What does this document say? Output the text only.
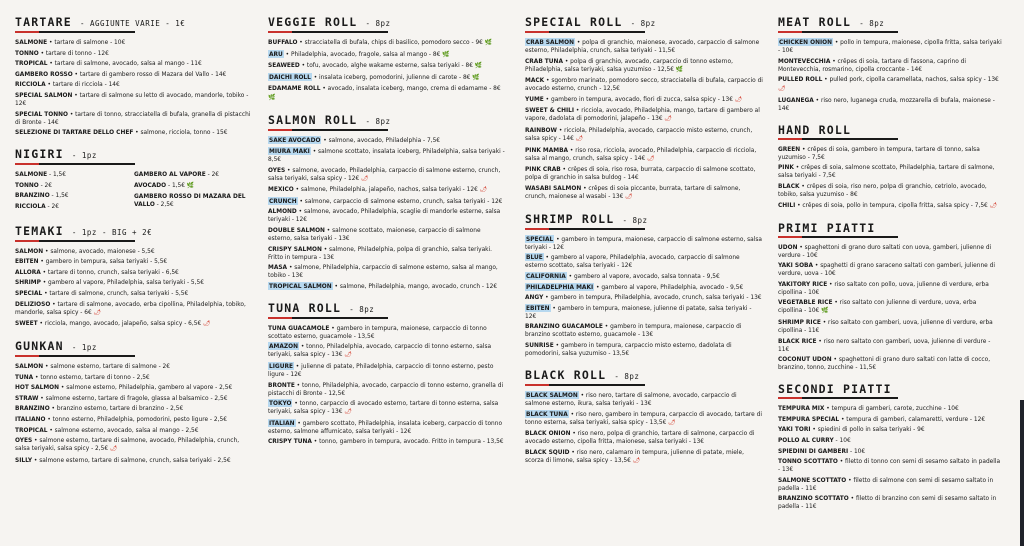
TARTARE - AGGIUNTE VARIE - 1€
SALMONE • tartare di salmone - 10€
TONNO • tartare di tonno - 12€
TROPICAL • tartare di salmone, avocado, salsa al mango - 11€
GAMBERO ROSSO • tartare di gambero rosso di Mazara del Vallo - 14€
RICCIOLA • tartare di ricciola - 14€
SPECIAL SALMON • tartare di salmone su letto di avocado, mandorle, tobiko - 12€
SPECIAL TONNO • tartare di tonno, stracciatella di bufala, granella di pistacchi di Bronte - 14€
SELEZIONE DI TARTARE DELLO CHEF • salmone, ricciola, tonno - 15€
NIGIRI - 1pz
SALMONE - 1,5€
TONNO - 2€
BRANZINO - 1,5€
RICCIOLA - 2€
GAMBERO AL VAPORE - 2€
AVOCADO - 1,5€ 🌿
GAMBERO ROSSO DI MAZARA DEL VALLO - 2,5€
TEMAKI - 1pz - BIG + 2€
SALMON • salmone, avocado, maionese - 5,5€
EBITEN • gambero in tempura, salsa teriyaki - 5,5€
ALLORA • tartare di tonno, crunch, salsa teriyaki - 6,5€
SHRIMP • gambero al vapore, Philadelphia, salsa teriyaki - 5,5€
SPECIAL • tartare di salmone, crunch, salsa teriyaki - 5,5€
DELIZIOSO • tartare di salmone, avocado, erba cipollina, Philadelphia, tobiko, mandorle, salsa spicy - 6€ 🌶
SWEET • ricciola, mango, avocado, jalapeño, salsa spicy - 6,5€ 🌶
GUNKAN - 1pz
SALMON • salmone esterno, tartare di salmone - 2€
TUNA • tonno esterno, tartare di tonno - 2,5€
HOT SALMON • salmone esterno, Philadelphia, gambero al vapore - 2,5€
STRAW • salmone esterno, tartare di fragole, glassa al balsamico - 2,5€
BRANZINO • branzino esterno, tartare di branzino - 2,5€
ITALIANO • tonno esterno, Philadelphia, pomodorini, pesto ligure - 2,5€
TROPICAL • salmone esterno, avocado, salsa al mango - 2,5€
OYES • salmone esterno, tartare di salmone, avocado, Philadelphia, crunch, salsa teriyaki, salsa spicy - 2,5€ 🌶
SILLY • salmone esterno, tartare di salmone, crunch, salsa teriyaki - 2,5€
VEGGIE ROLL - 8pz
BUFFALO • stracciatella di bufala, chips di basilico, pomodoro secco - 9€ 🌿
ARU • Philadelphia, avocado, fragole, salsa al mango - 8€ 🌿
SEAWEED • tofu, avocado, alghe wakame esterne, salsa teriyaki - 8€ 🌿
DAICHI ROLL • insalata iceberg, pomodorini, julienne di carote - 8€ 🌿
EDAMAME ROLL • avocado, insalata iceberg, mango, crema di edamame - 8€ 🌿
SALMON ROLL - 8pz
SAKE AVOCADO • salmone, avocado, Philadelphia - 7,5€
MIURA MAKI • salmone scottato, insalata iceberg, Philadelphia, salsa teriyaki - 8,5€
OYES • salmone, avocado, Philadelphia, carpaccio di salmone esterno, crunch, salsa teriyaki, salsa spicy - 12€ 🌶
MEXICO • salmone, Philadelphia, jalapeño, nachos, salsa teriyaki - 12€ 🌶
CRUNCH • salmone, carpaccio di salmone esterno, crunch, salsa teriyaki - 12€
ALMOND • salmone, avocado, Philadelphia, scaglie di mandorle esterne, salsa teriyaki - 12€
DOUBLE SALMON • salmone scottato, maionese, carpaccio di salmone esterno, salsa teriyaki - 13€
CRISPY SALMON • salmone, Philadelphia, polpa di granchio, salsa teriyaki. Fritto in tempura - 13€
MASA • salmone, Philadelphia, carpaccio di salmone esterno, salsa al mango, tobiko - 13€
TROPICAL SALMON • salmone, Philadelphia, mango, avocado, crunch - 12€
TUNA ROLL - 8pz
TUNA GUACAMOLE • gambero in tempura, maionese, carpaccio di tonno scottato esterno, guacamole - 13,5€
AMAZON • tonno, Philadelphia, avocado, carpaccio di tonno esterno, salsa teriyaki, salsa spicy - 13€ 🌶
LIGURE • julienne di patate, Philadelphia, carpaccio di tonno esterno, pesto ligure - 12€
BRONTE • tonno, Philadelphia, avocado, carpaccio di tonno esterno, granella di pistacchi di Bronte - 12,5€
TOKYO • tonno, carpaccio di avocado esterno, tartare di tonno esterna, salsa teriyaki, salsa spicy - 13€ 🌶
ITALIAN • gambero scottato, Philadelphia, insalata iceberg, carpaccio di tonno esterno, salmone affumicato, salsa teriyaki - 12€
CRISPY TUNA • tonno, gambero in tempura, avocado. Fritto in tempura - 13,5€
SPECIAL ROLL - 8pz
CRAB SALMON • polpa di granchio, maionese, avocado, carpaccio di salmone esterno, Philadelphia, crunch, salsa teriyaki - 11,5€
CRAB TUNA • polpa di granchio, avocado, carpaccio di tonno esterno, Philadelphia, salsa teriyaki, salsa yuzumiso - 12,5€ 🌿
MACK • sgombro marinato, pomodoro secco, stracciatella di bufala, carpaccio di avocado esterno, crunch - 12,5€
YUME • gambero in tempura, avocado, fiori di zucca, salsa spicy - 13€ 🌶
SWEET & CHILI • ricciola, avocado, Philadelphia, mango, tartare di gambero al vapore, dadolata di pomodorini, jalapeño - 13€ 🌶
RAINBOW • ricciola, Philadelphia, avocado, carpaccio misto esterno, crunch, salsa spicy - 14€ 🌶
PINK MAMBA • riso rosa, ricciola, avocado, Philadelphia, carpaccio di ricciola, salsa al mango, crunch, salsa spicy - 14€ 🌶
PINK CRAB • crêpes di soia, riso rosa, burrata, carpaccio di salmone scottato, polpa di granchio in salsa buldog - 14€
WASABI SALMON • crêpes di soia piccante, burrata, tartare di salmone, crunch, maionese al wasabi - 13€ 🌶
SHRIMP ROLL - 8pz
SPECIAL • gambero in tempura, maionese, carpaccio di salmone esterno, salsa teriyaki - 12€
BLUE • gambero al vapore, Philadelphia, avocado, carpaccio di salmone esterno scottato, salsa teriyaki - 12€
CALIFORNIA • gambero al vapore, avocado, salsa tonnata - 9,5€
PHILADELPHIA MAKI • gambero al vapore, Philadelphia, avocado - 9,5€
ANGY • gambero in tempura, Philadelphia, avocado, crunch, salsa teriyaki - 13€
EBITEN • gambero in tempura, maionese, julienne di patate, salsa teriyaki - 12€
BRANZINO GUACAMOLE • gambero in tempura, maionese, carpaccio di branzino scottato esterno, guacamole - 13€
SUNRISE • gambero in tempura, carpaccio misto esterno, dadolata di pomodorini, salsa yuzumiso - 13,5€
BLACK ROLL - 8pz
BLACK SALMON • riso nero, tartare di salmone, avocado, carpaccio di salmone esterno, ikura, salsa teriyaki - 13€
BLACK TUNA • riso nero, gambero in tempura, carpaccio di avocado, tartare di tonno esterna, salsa teriyaki, salsa spicy - 13,5€ 🌶
BLACK ONION • riso nero, polpa di granchio, tartare di salmone, carpaccio di avocado esterno, cipolla fritta, maionese, salsa teriyaki - 13€
BLACK SQUID • riso nero, calamaro in tempura, julienne di patate, miele, scorza di limone, salsa spicy - 13,5€ 🌶
MEAT ROLL - 8pz
CHICKEN ONION • pollo in tempura, maionese, cipolla fritta, salsa teriyaki - 10€
MONTEVECCHIA • crêpes di soia, tartare di fassona, caprino di Montevecchia, rosmarino, cipolla croccante - 14€
PULLED ROLL • pulled pork, cipolla caramellata, nachos, salsa spicy - 13€ 🌶
LUGANEGA • riso nero, luganega cruda, mozzarella di bufala, maionese - 14€
HAND ROLL
GREEN • crêpes di soia, gambero in tempura, tartare di tonno, salsa yuzumiso - 7,5€
PINK • crêpes di soia, salmone scottato, Philadelphia, tartare di salmone, salsa teriyaki - 7,5€
BLACK • crêpes di soia, riso nero, polpa di granchio, cetriolo, avocado, tobiko, salsa yuzumiso - 8€
CHILI • crêpes di soia, pollo in tempura, cipolla fritta, salsa spicy - 7,5€ 🌶
PRIMI PIATTI
UDON • spaghettoni di grano duro saltati con uova, gamberi, julienne di verdure - 10€
YAKI SOBA • spaghetti di grano saraceno saltati con gamberi, julienne di verdure, uova - 10€
YAKITORY RICE • riso saltato con pollo, uova, julienne di verdure, erba cipollina - 10€
VEGETABLE RICE • riso saltato con julienne di verdure, uova, erba cipollina - 10€ 🌿
SHRIMP RICE • riso saltato con gamberi, uova, julienne di verdure, erba cipollina - 11€
BLACK RICE • riso nero saltato con gamberi, uova, julienne di verdure - 11€
COCONUT UDON • spaghettoni di grano duro saltati con latte di cocco, branzino, tonno, zucchine - 11,5€
SECONDI PIATTI
TEMPURA MIX • tempura di gamberi, carote, zucchine - 10€
TEMPURA SPECIAL • tempura di gamberi, calamaretti, verdure - 12€
YAKI TORI • spiedini di pollo in salsa teriyaki - 9€
POLLO AL CURRY - 10€
SPIEDINI DI GAMBERI - 10€
TONNO SCOTTATO • filetto di tonno con semi di sesamo saltato in padella - 13€
SALMONE SCOTTATO • filetto di salmone con semi di sesamo saltato in padella - 11€
BRANZINO SCOTTATO • filetto di branzino con semi di sesamo saltato in padella - 11€
